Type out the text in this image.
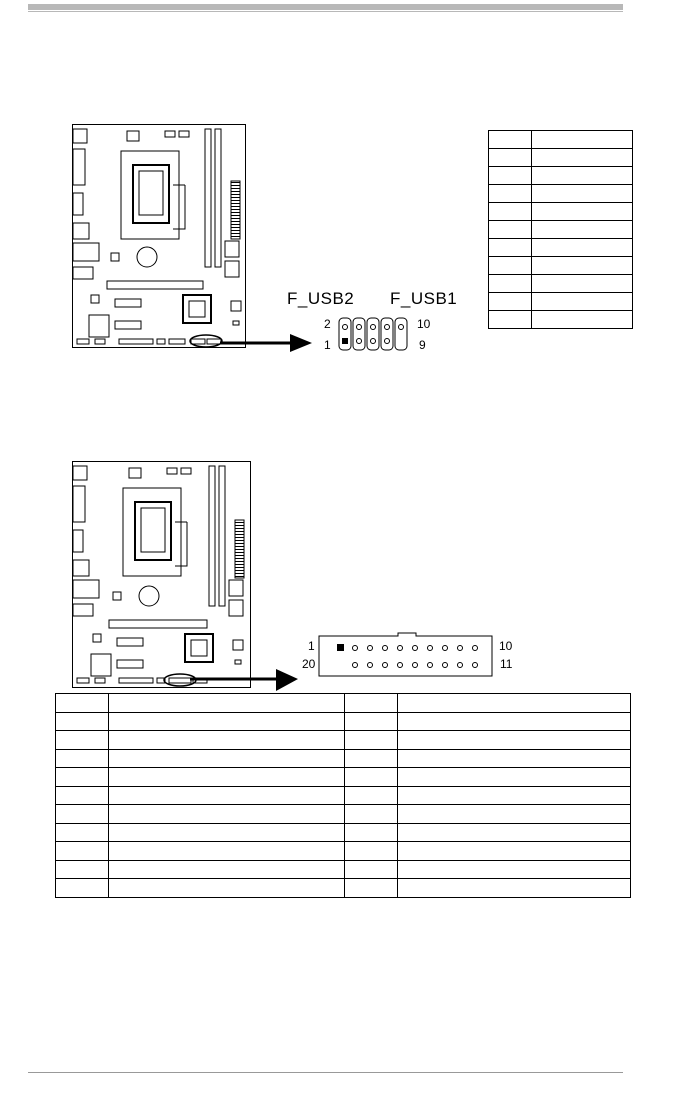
F_USB2 F_USB1
2	10
1	9

1	10
20	11
